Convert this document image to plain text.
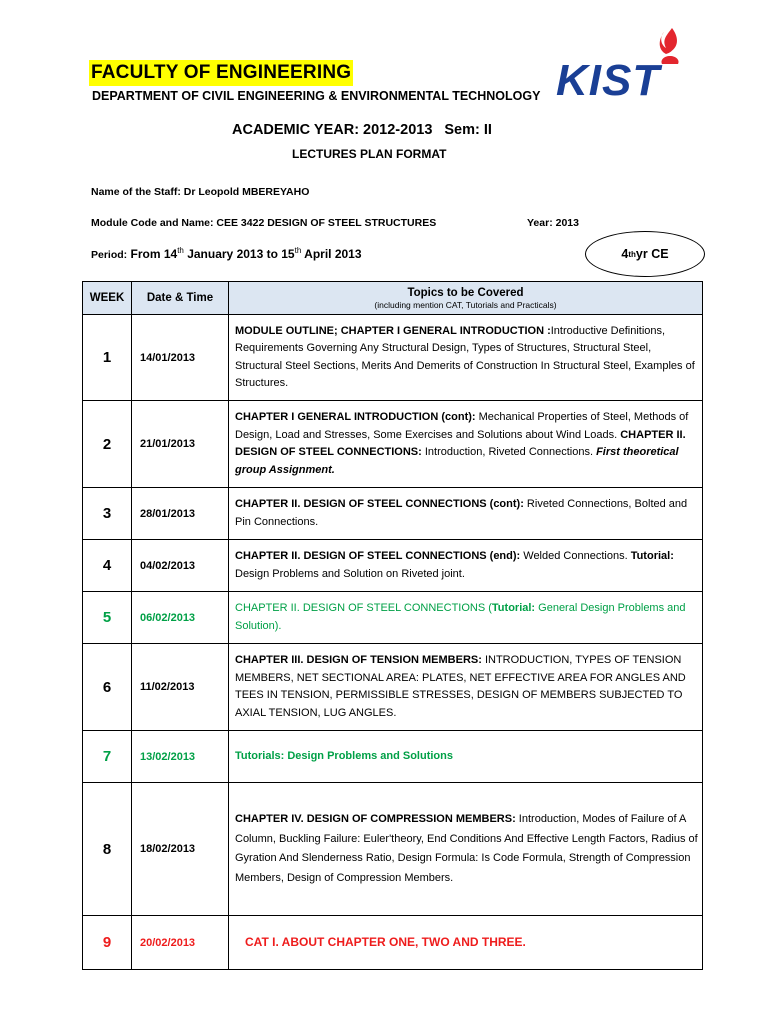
FACULTY OF ENGINEERING
DEPARTMENT OF CIVIL ENGINEERING & ENVIRONMENTAL TECHNOLOGY KIST
ACADEMIC YEAR: 2012-2013 Sem: II
LECTURES PLAN FORMAT
Name of the Staff: Dr Leopold MBEREYAHO
Module Code and Name: CEE 3422 DESIGN OF STEEL STRUCTURES	Year: 2013
Period: From 14th January 2013 to 15th April 2013	4 th yr CE
WEEK	Date & Time	Topics to be Covered
(including mention CAT, Tutorials and Practicals)

1	14/01/2013	MODULE OUTLINE; CHAPTER I GENERAL INTRODUCTION :Introductive Definitions, Requirements Governing Any Structural Design, Types of Structures, Structural Steel, Structural Steel Sections, Merits And Demerits of Construction In Structural Steel, Examples of Structures.
2	21/01/2013	CHAPTER I GENERAL INTRODUCTION (cont): Mechanical Properties of Steel, Methods of Design, Load and Stresses, Some Exercises and Solutions about Wind Loads. CHAPTER II. DESIGN OF STEEL CONNECTIONS: Introduction, Riveted Connections. First theoretical group Assignment.
3	28/01/2013	CHAPTER II. DESIGN OF STEEL CONNECTIONS (cont): Riveted Connections, Bolted and Pin Connections.
4	04/02/2013	CHAPTER II. DESIGN OF STEEL CONNECTIONS (end): Welded Connections. Tutorial: Design Problems and Solution on Riveted joint.
5	06/02/2013	CHAPTER II. DESIGN OF STEEL CONNECTIONS (Tutorial: General Design Problems and Solution).
6	11/02/2013	CHAPTER III. DESIGN OF TENSION MEMBERS: INTRODUCTION, TYPES OF TENSION MEMBERS, NET SECTIONAL AREA: PLATES, NET EFFECTIVE AREA FOR ANGLES AND TEES IN TENSION, PERMISSIBLE STRESSES, DESIGN OF MEMBERS SUBJECTED TO AXIAL TENSION, LUG ANGLES.
7	13/02/2013	Tutorials: Design Problems and Solutions
8	18/02/2013	CHAPTER IV. DESIGN OF COMPRESSION MEMBERS: Introduction, Modes of Failure of A Column, Buckling Failure: Euler'theory, End Conditions And Effective Length Factors, Radius of Gyration And Slenderness Ratio, Design Formula: Is Code Formula, Strength of Compression Members, Design of Compression Members.
9	20/02/2013	CAT I. ABOUT CHAPTER ONE, TWO AND THREE.
